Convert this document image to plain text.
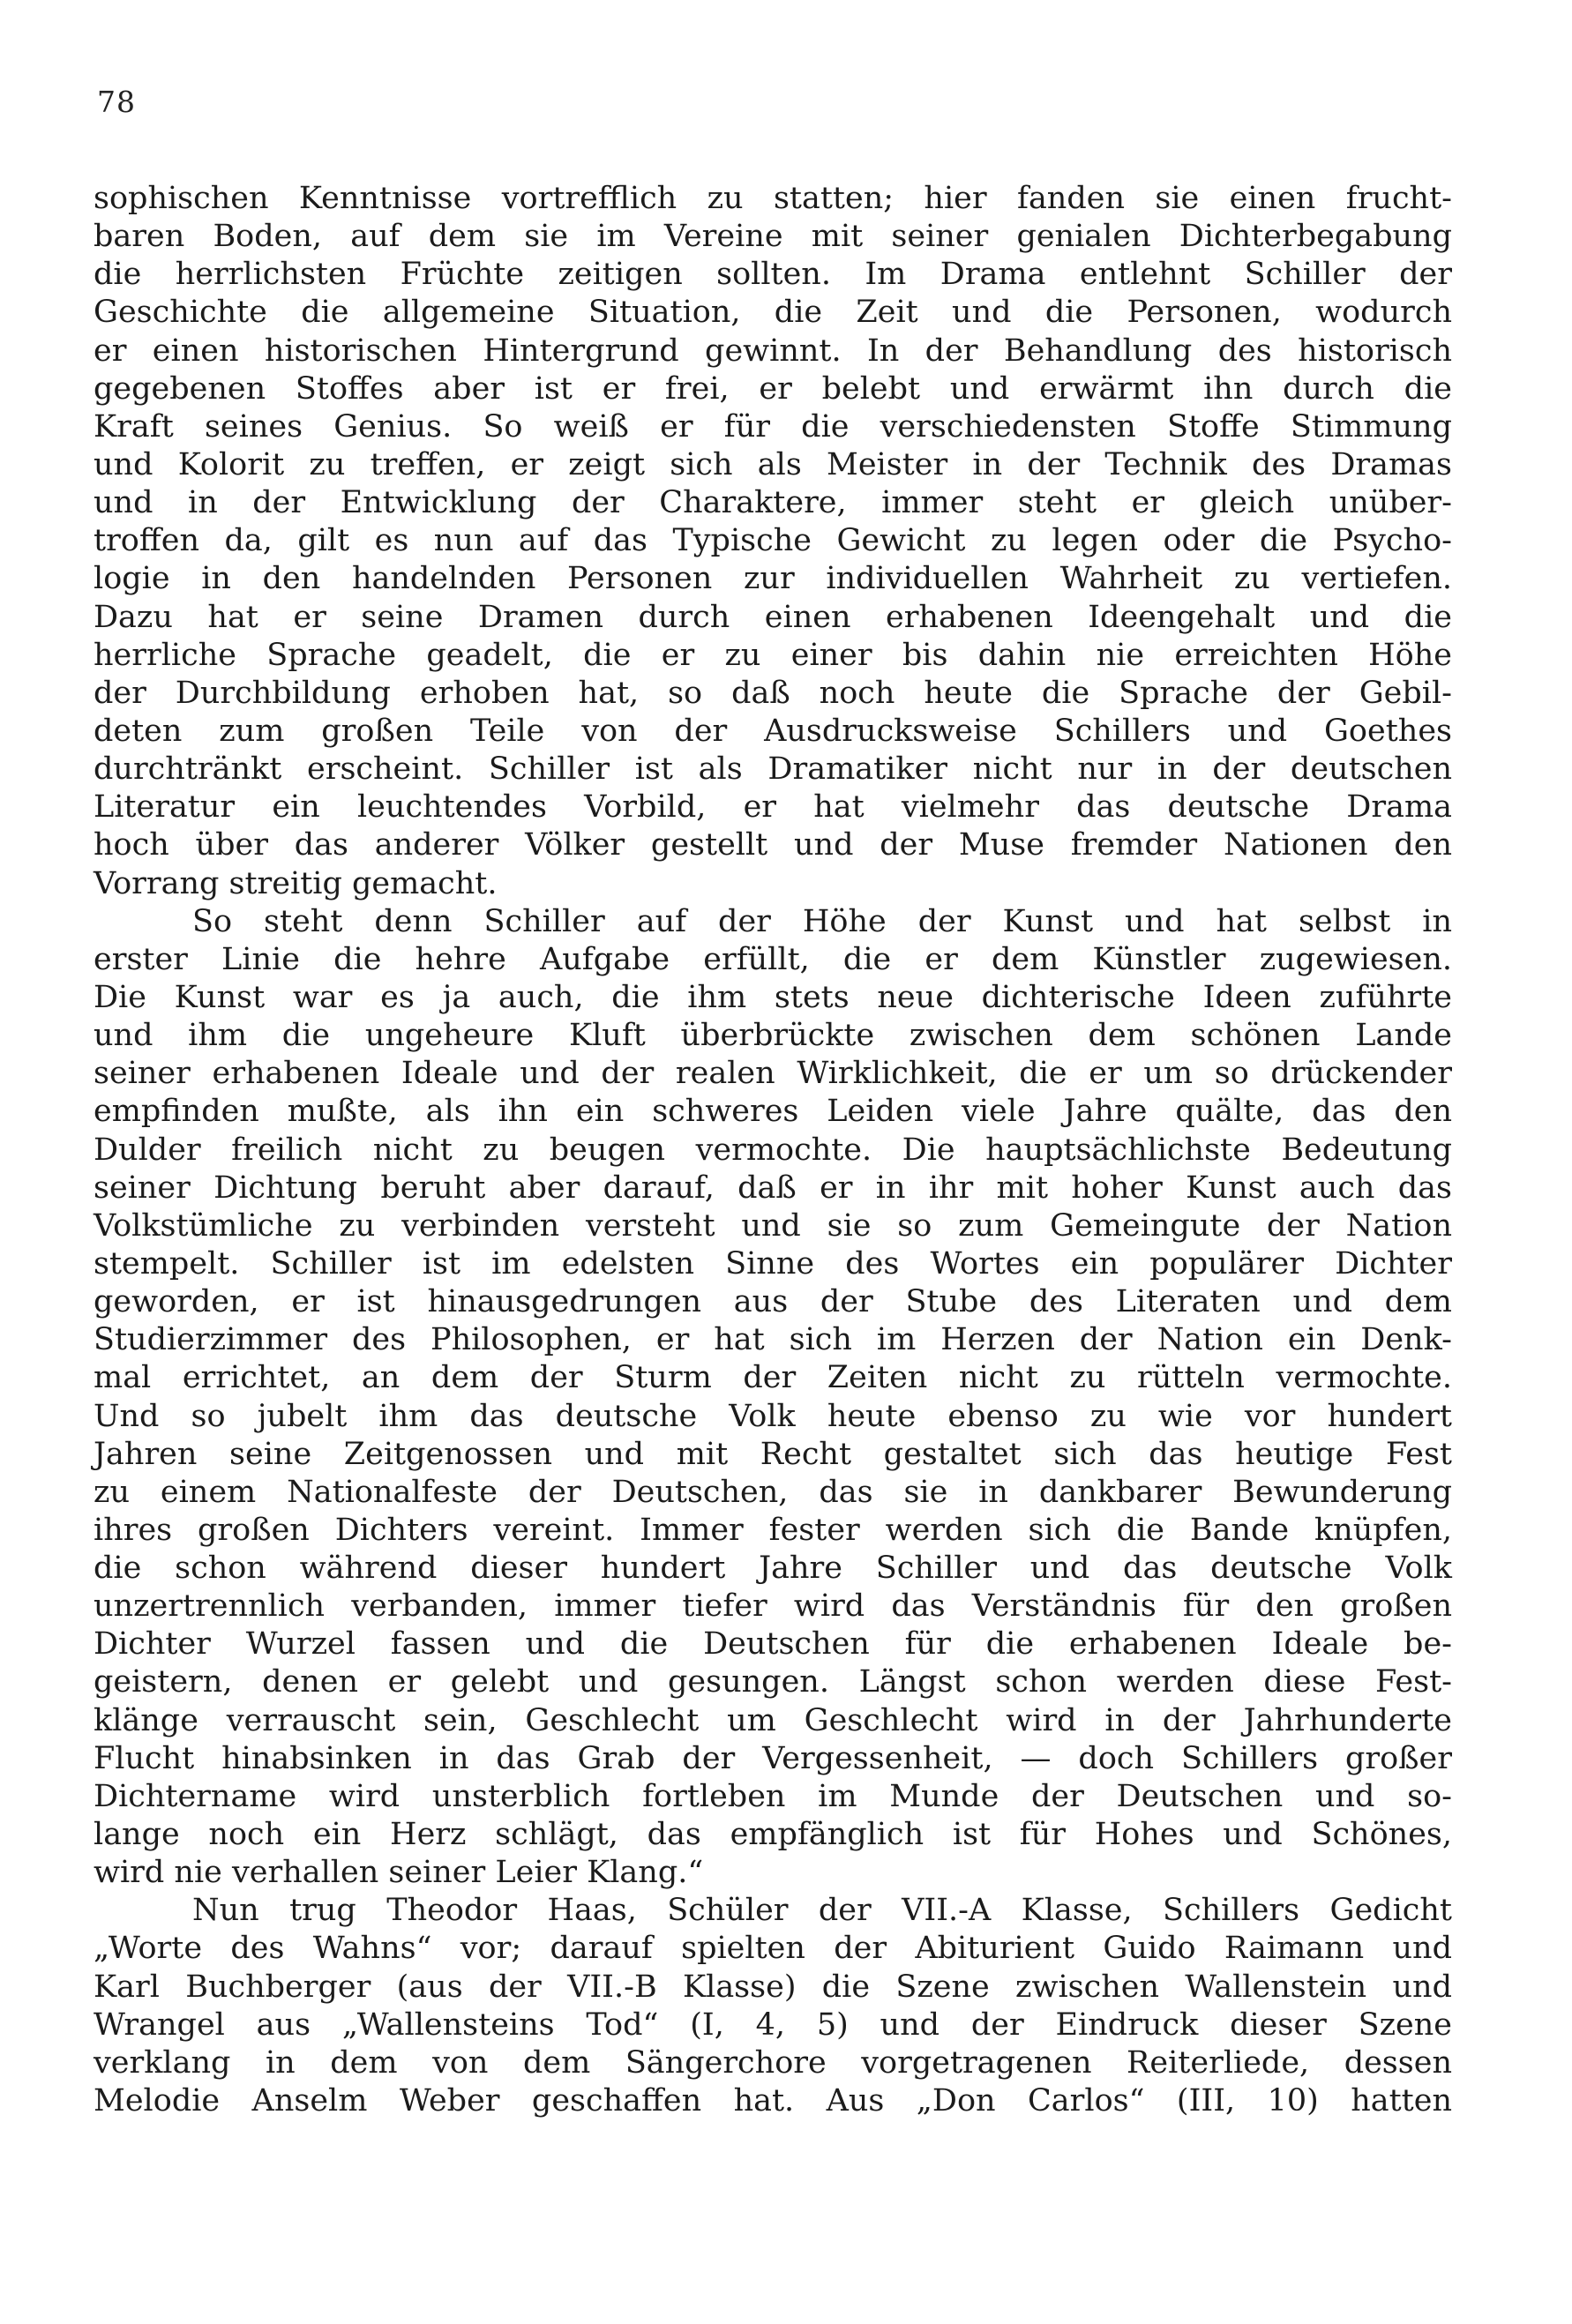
78
sophischen Kenntnisse vortrefflich zu statten; hier fanden sie einen frucht-
baren Boden, auf dem sie im Vereine mit seiner genialen Dichterbegabung
die herrlichsten Früchte zeitigen sollten. Im Drama entlehnt Schiller der
Geschichte die allgemeine Situation, die Zeit und die Personen, wodurch
er einen historischen Hintergrund gewinnt. In der Behandlung des historisch
gegebenen Stoffes aber ist er frei, er belebt und erwärmt ihn durch die
Kraft seines Genius. So weiß er für die verschiedensten Stoffe Stimmung
und Kolorit zu treffen, er zeigt sich als Meister in der Technik des Dramas
und in der Entwicklung der Charaktere, immer steht er gleich unüber-
troffen da, gilt es nun auf das Typische Gewicht zu legen oder die Psycho-
logie in den handelnden Personen zur individuellen Wahrheit zu vertiefen.
Dazu hat er seine Dramen durch einen erhabenen Ideengehalt und die
herrliche Sprache geadelt, die er zu einer bis dahin nie erreichten Höhe
der Durchbildung erhoben hat, so daß noch heute die Sprache der Gebil-
deten zum großen Teile von der Ausdrucksweise Schillers und Goethes
durchtränkt erscheint. Schiller ist als Dramatiker nicht nur in der deutschen
Literatur ein leuchtendes Vorbild, er hat vielmehr das deutsche Drama
hoch über das anderer Völker gestellt und der Muse fremder Nationen den
Vorrang streitig gemacht.
So steht denn Schiller auf der Höhe der Kunst und hat selbst in
erster Linie die hehre Aufgabe erfüllt, die er dem Künstler zugewiesen.
Die Kunst war es ja auch, die ihm stets neue dichterische Ideen zuführte
und ihm die ungeheure Kluft überbrückte zwischen dem schönen Lande
seiner erhabenen Ideale und der realen Wirklichkeit, die er um so drückender
empfinden mußte, als ihn ein schweres Leiden viele Jahre quälte, das den
Dulder freilich nicht zu beugen vermochte. Die hauptsächlichste Bedeutung
seiner Dichtung beruht aber darauf, daß er in ihr mit hoher Kunst auch das
Volkstümliche zu verbinden versteht und sie so zum Gemeingute der Nation
stempelt. Schiller ist im edelsten Sinne des Wortes ein populärer Dichter
geworden, er ist hinausgedrungen aus der Stube des Literaten und dem
Studierzimmer des Philosophen, er hat sich im Herzen der Nation ein Denk-
mal errichtet, an dem der Sturm der Zeiten nicht zu rütteln vermochte.
Und so jubelt ihm das deutsche Volk heute ebenso zu wie vor hundert
Jahren seine Zeitgenossen und mit Recht gestaltet sich das heutige Fest
zu einem Nationalfeste der Deutschen, das sie in dankbarer Bewunderung
ihres großen Dichters vereint. Immer fester werden sich die Bande knüpfen,
die schon während dieser hundert Jahre Schiller und das deutsche Volk
unzertrennlich verbanden, immer tiefer wird das Verständnis für den großen
Dichter Wurzel fassen und die Deutschen für die erhabenen Ideale be-
geistern, denen er gelebt und gesungen. Längst schon werden diese Fest-
klänge verrauscht sein, Geschlecht um Geschlecht wird in der Jahrhunderte
Flucht hinabsinken in das Grab der Vergessenheit, — doch Schillers großer
Dichtername wird unsterblich fortleben im Munde der Deutschen und so-
lange noch ein Herz schlägt, das empfänglich ist für Hohes und Schönes,
wird nie verhallen seiner Leier Klang.“
Nun trug Theodor Haas, Schüler der VII.-A Klasse, Schillers Gedicht
„Worte des Wahns“ vor; darauf spielten der Abiturient Guido Raimann und
Karl Buchberger (aus der VII.-B Klasse) die Szene zwischen Wallenstein und
Wrangel aus „Wallensteins Tod“ (I, 4, 5) und der Eindruck dieser Szene
verklang in dem von dem Sängerchore vorgetragenen Reiterliede, dessen
Melodie Anselm Weber geschaffen hat. Aus „Don Carlos“ (III, 10) hatten
